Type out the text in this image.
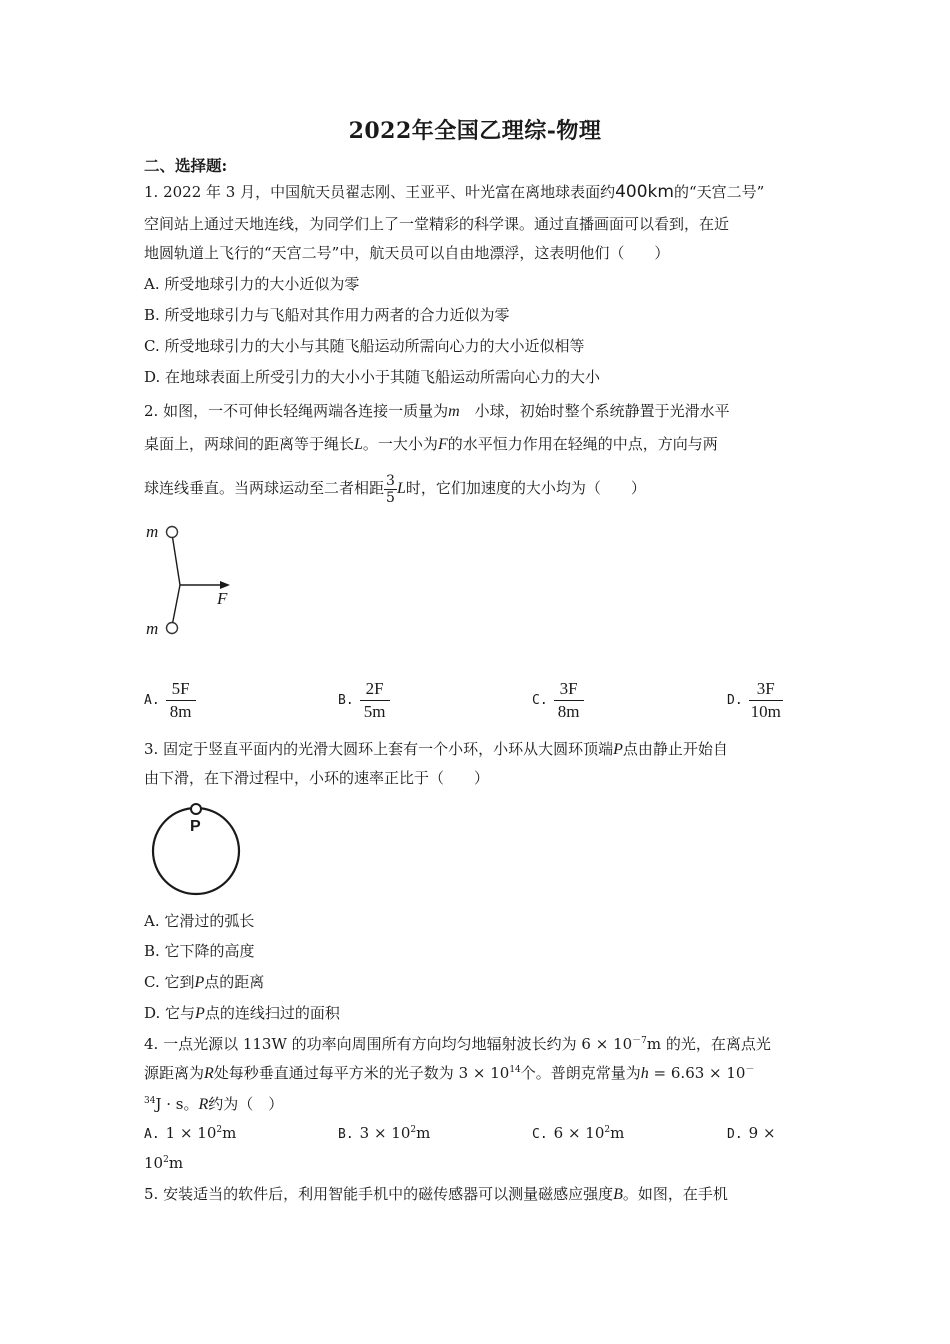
2022年全国乙理综-物理
二、选择题:
1. 2022 年 3 月，中国航天员翟志刚、王亚平、叶光富在离地球表面约400km的“天宫二号”
空间站上通过天地连线，为同学们上了一堂精彩的科学课。通过直播画面可以看到，在近
地圆轨道上飞行的“天宫二号”中，航天员可以自由地漂浮，这表明他们（　　）
A. 所受地球引力的大小近似为零
B. 所受地球引力与飞船对其作用力两者的合力近似为零
C. 所受地球引力的大小与其随飞船运动所需向心力的大小近似相等
D. 在地球表面上所受引力的大小小于其随飞船运动所需向心力的大小
2. 如图，一不可伸长轻绳两端各连接一质量为m　小球，初始时整个系统静置于光滑水平
桌面上，两球间的距离等于绳长L。一大小为F的水平恒力作用在轻绳的中点，方向与两
球连线垂直。当两球运动至二者相距 $\frac{3}{5}$ L时，它们加速度的大小均为（　　）
m
m
F
A. $\frac{5F}{8m}$	B. $\frac{2F}{5m}$	C. $\frac{3F}{8m}$	D. $\frac{3F}{10m}$
3. 固定于竖直平面内的光滑大圆环上套有一个小环，小环从大圆环顶端P点由静止开始自
由下滑，在下滑过程中，小环的速率正比于（　　）
P
A. 它滑过的弧长
B. 它下降的高度
C. 它到P点的距离
D. 它与P点的连线扫过的面积
4. 一点光源以 113W 的功率向周围所有方向均匀地辐射波长约为 $6 \times 10^{-7}m$ 的光，在离点光
源距离为R处每秒垂直通过每平方米的光子数为 $3 \times 10^{14}$个。普朗克常量为h = 6.63 × 10－
$^{34}$J · s。R约为（　）
A. $1 \times 10^2m$	B. $3 \times 10^2m$	C. $6 \times 10^2m$	D. 9 ×
$10^2m$
5. 安装适当的软件后，利用智能手机中的磁传感器可以测量磁感应强度B。如图，在手机
